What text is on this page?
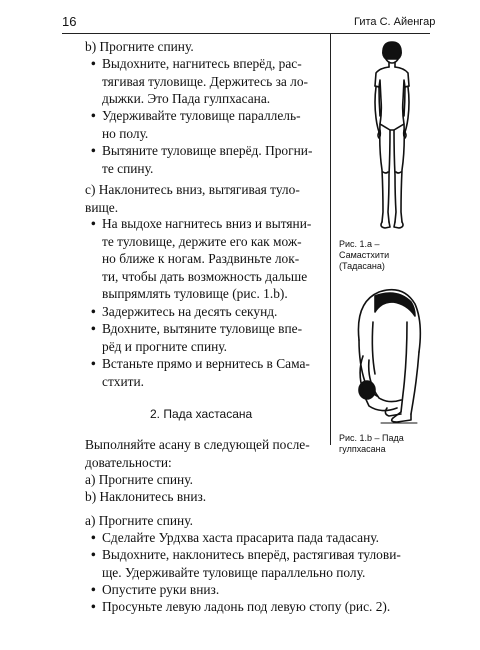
16	Гита С. Айенгар
b) Прогните спину.
• Выдохните, нагнитесь вперёд, рас-
тягивая туловище. Держитесь за ло-
дыжки. Это Пада гулпхасана.
• Удерживайте туловище параллель-
но полу.
• Вытяните туловище вперёд. Прогни-
те спину.
c) Наклонитесь вниз, вытягивая туло-
вище.
• На выдохе нагнитесь вниз и вытяни-
те туловище, держите его как мож-
но ближе к ногам. Раздвиньте лок-
ти, чтобы дать возможность дальше
выпрямлять туловище (рис. 1.b).
• Задержитесь на десять секунд.
• Вдохните, вытяните туловище впе-
рёд и прогните спину.
• Встаньте прямо и вернитесь в Сама-
стхити.
2. Пада хастасана
Выполняйте асану в следующей после-
довательности:
a) Прогните спину.
b) Наклонитесь вниз.
a) Прогните спину.
• Сделайте Урдхва хаста прасарита пада тадасану.
• Выдохните, наклонитесь вперёд, растягивая тулови-
ще. Удерживайте туловище параллельно полу.
• Опустите руки вниз.
• Просуньте левую ладонь под левую стопу (рис. 2).
Рис. 1.а –
Самастхити
(Тадасана)
Рис. 1.b – Пада
гулпхасана
